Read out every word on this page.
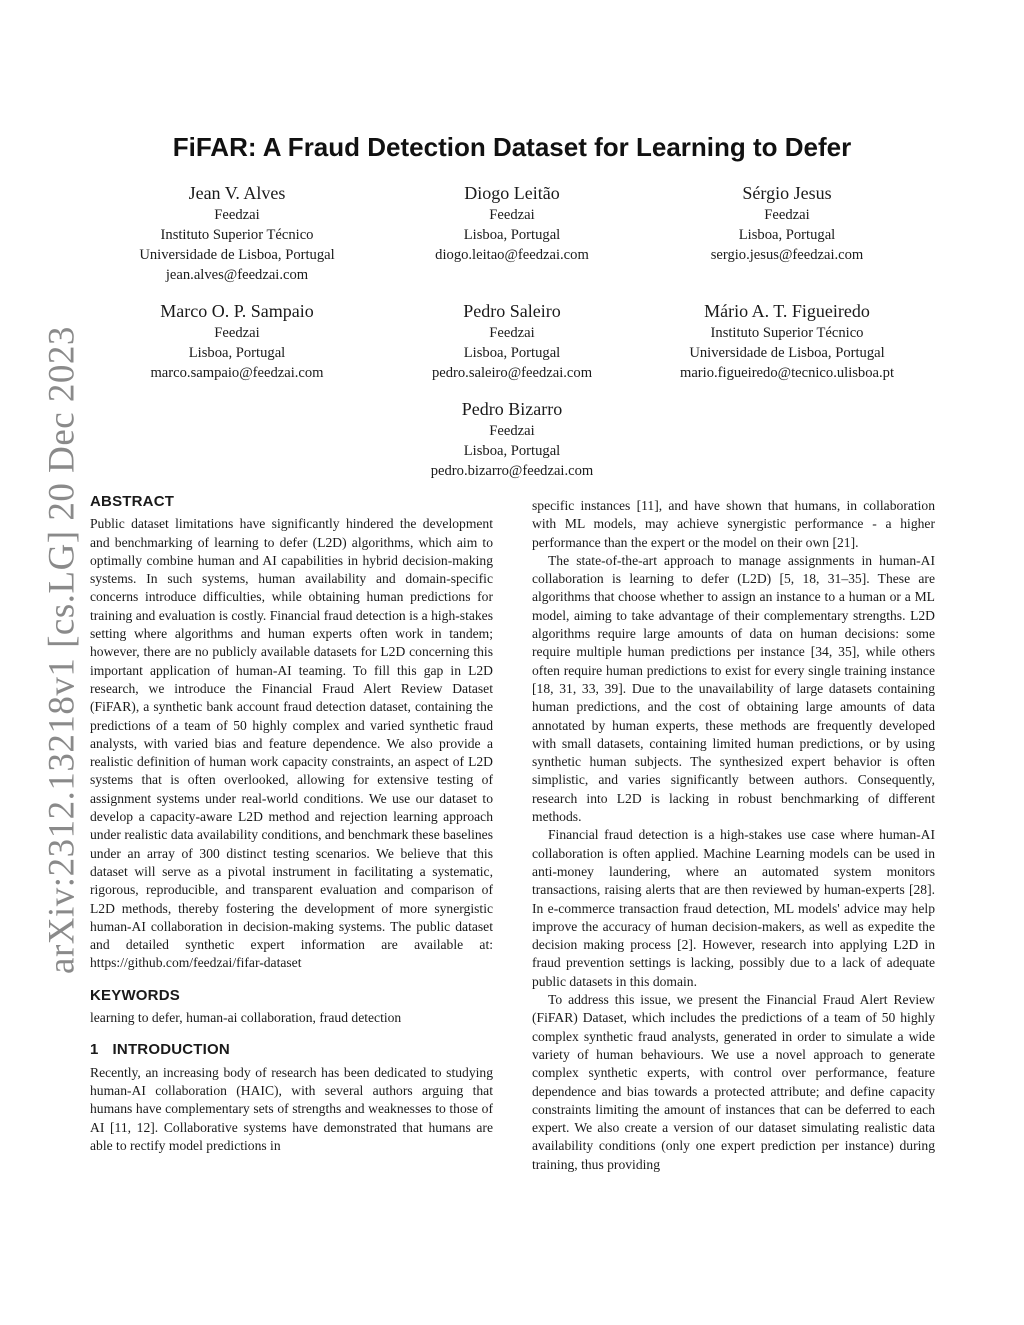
arXiv:2312.13218v1 [cs.LG] 20 Dec 2023
FiFAR: A Fraud Detection Dataset for Learning to Defer
Jean V. Alves
Feedzai
Instituto Superior Técnico
Universidade de Lisboa, Portugal
jean.alves@feedzai.com
Diogo Leitão
Feedzai
Lisboa, Portugal
diogo.leitao@feedzai.com
Sérgio Jesus
Feedzai
Lisboa, Portugal
sergio.jesus@feedzai.com
Marco O. P. Sampaio
Feedzai
Lisboa, Portugal
marco.sampaio@feedzai.com
Pedro Saleiro
Feedzai
Lisboa, Portugal
pedro.saleiro@feedzai.com
Mário A. T. Figueiredo
Instituto Superior Técnico
Universidade de Lisboa, Portugal
mario.figueiredo@tecnico.ulisboa.pt
Pedro Bizarro
Feedzai
Lisboa, Portugal
pedro.bizarro@feedzai.com
ABSTRACT

Public dataset limitations have significantly hindered the development and benchmarking of learning to defer (L2D) algorithms, which aim to optimally combine human and AI capabilities in hybrid decision-making systems. In such systems, human availability and domain-specific concerns introduce difficulties, while obtaining human predictions for training and evaluation is costly. Financial fraud detection is a high-stakes setting where algorithms and human experts often work in tandem; however, there are no publicly available datasets for L2D concerning this important application of human-AI teaming. To fill this gap in L2D research, we introduce the Financial Fraud Alert Review Dataset (FiFAR), a synthetic bank account fraud detection dataset, containing the predictions of a team of 50 highly complex and varied synthetic fraud analysts, with varied bias and feature dependence. We also provide a realistic definition of human work capacity constraints, an aspect of L2D systems that is often overlooked, allowing for extensive testing of assignment systems under real-world conditions. We use our dataset to develop a capacity-aware L2D method and rejection learning approach under realistic data availability conditions, and benchmark these baselines under an array of 300 distinct testing scenarios. We believe that this dataset will serve as a pivotal instrument in facilitating a systematic, rigorous, reproducible, and transparent evaluation and comparison of L2D methods, thereby fostering the development of more synergistic human-AI collaboration in decision-making systems. The public dataset and detailed synthetic expert information are available at: https://github.com/feedzai/fifar-dataset

KEYWORDS

learning to defer, human-ai collaboration, fraud detection

1 INTRODUCTION

Recently, an increasing body of research has been dedicated to studying human-AI collaboration (HAIC), with several authors arguing that humans have complementary sets of strengths and weaknesses to those of AI [11, 12]. Collaborative systems have demonstrated that humans are able to rectify model predictions in

specific instances [11], and have shown that humans, in collaboration with ML models, may achieve synergistic performance - a higher performance than the expert or the model on their own [21].

The state-of-the-art approach to manage assignments in human-AI collaboration is learning to defer (L2D) [5, 18, 31–35]. These are algorithms that choose whether to assign an instance to a human or a ML model, aiming to take advantage of their complementary strengths. L2D algorithms require large amounts of data on human decisions: some require multiple human predictions per instance [34, 35], while others often require human predictions to exist for every single training instance [18, 31, 33, 39]. Due to the unavailability of large datasets containing human predictions, and the cost of obtaining large amounts of data annotated by human experts, these methods are frequently developed with small datasets, containing limited human predictions, or by using synthetic human subjects. The synthesized expert behavior is often simplistic, and varies significantly between authors. Consequently, research into L2D is lacking in robust benchmarking of different methods.

Financial fraud detection is a high-stakes use case where human-AI collaboration is often applied. Machine Learning models can be used in anti-money laundering, where an automated system monitors transactions, raising alerts that are then reviewed by human-experts [28]. In e-commerce transaction fraud detection, ML models' advice may help improve the accuracy of human decision-makers, as well as expedite the decision making process [2]. However, research into applying L2D in fraud prevention settings is lacking, possibly due to a lack of adequate public datasets in this domain.

To address this issue, we present the Financial Fraud Alert Review (FiFAR) Dataset, which includes the predictions of a team of 50 highly complex synthetic fraud analysts, generated in order to simulate a wide variety of human behaviours. We use a novel approach to generate complex synthetic experts, with control over performance, feature dependence and bias towards a protected attribute; and define capacity constraints limiting the amount of instances that can be deferred to each expert. We also create a version of our dataset simulating realistic data availability conditions (only one expert prediction per instance) during training, thus providing
